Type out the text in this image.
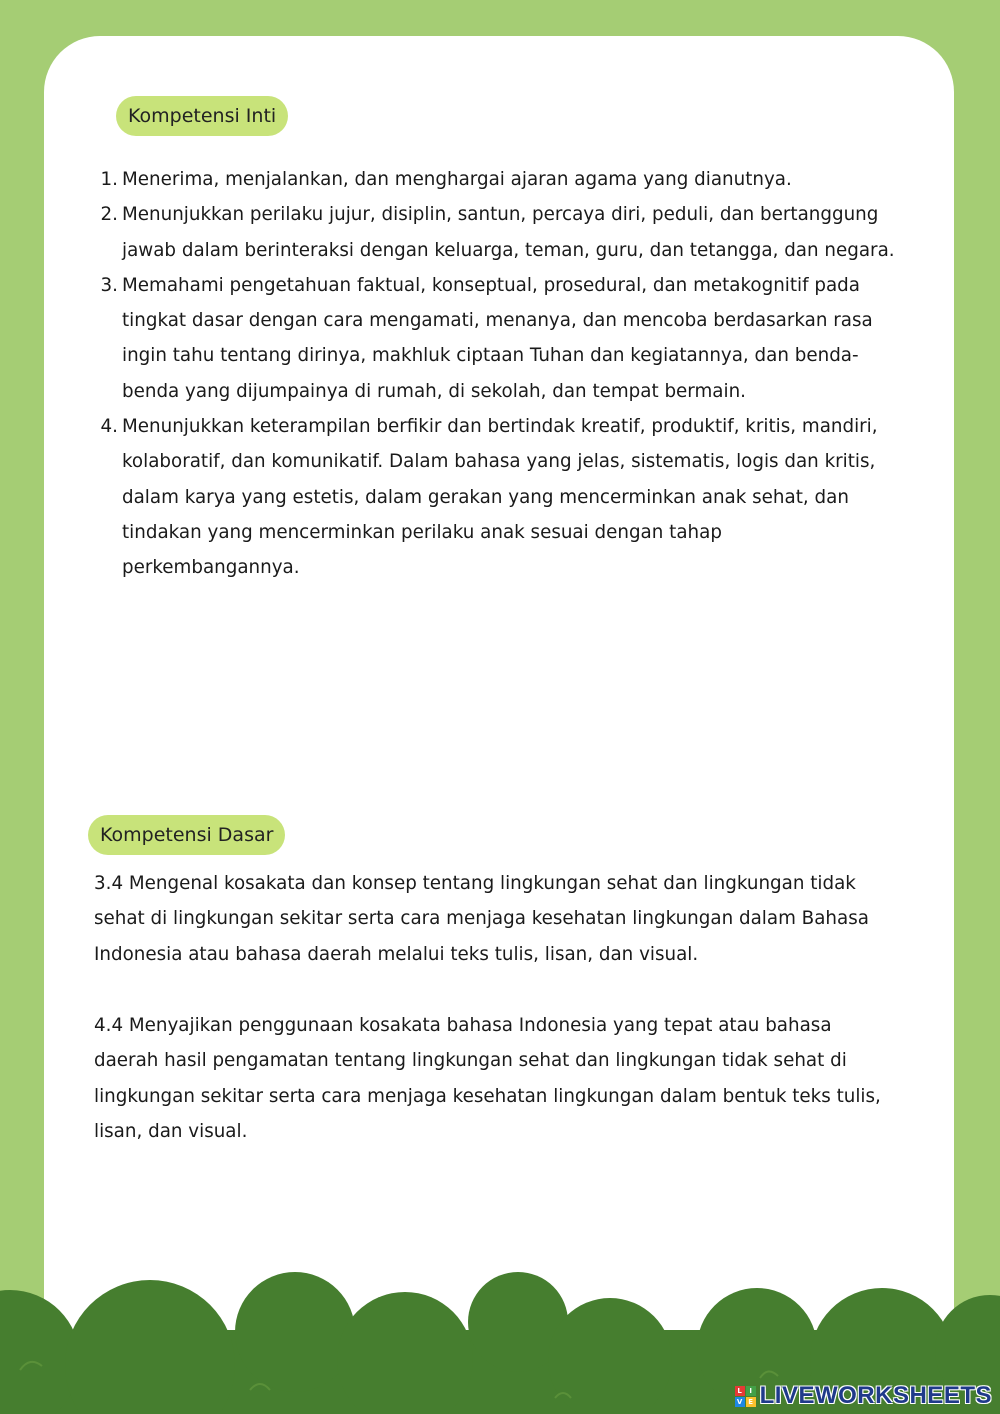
Kompetensi Inti
1. Menerima, menjalankan, dan menghargai ajaran agama yang dianutnya.
2. Menunjukkan perilaku jujur, disiplin, santun, percaya diri, peduli, dan bertanggung jawab dalam berinteraksi dengan keluarga, teman, guru, dan tetangga, dan negara.
3. Memahami pengetahuan faktual, konseptual, prosedural, dan metakognitif pada tingkat dasar dengan cara mengamati, menanya, dan mencoba berdasarkan rasa ingin tahu tentang dirinya, makhluk ciptaan Tuhan dan kegiatannya, dan benda-benda yang dijumpainya di rumah, di sekolah, dan tempat bermain.
4. Menunjukkan keterampilan berfikir dan bertindak kreatif, produktif, kritis, mandiri, kolaboratif, dan komunikatif. Dalam bahasa yang jelas, sistematis, logis dan kritis, dalam karya yang estetis, dalam gerakan yang mencerminkan anak sehat, dan tindakan yang mencerminkan perilaku anak sesuai dengan tahap perkembangannya.
Kompetensi Dasar

3.4 Mengenal kosakata dan konsep tentang lingkungan sehat dan lingkungan tidak sehat di lingkungan sekitar serta cara menjaga kesehatan lingkungan dalam Bahasa Indonesia atau bahasa daerah melalui teks tulis, lisan, dan visual.

4.4 Menyajikan penggunaan kosakata bahasa Indonesia yang tepat atau bahasa daerah hasil pengamatan tentang lingkungan sehat dan lingkungan tidak sehat di lingkungan sekitar serta cara menjaga kesehatan lingkungan dalam bentuk teks tulis, lisan, dan visual.

L	I
V E LIVEWORKSHEETS
